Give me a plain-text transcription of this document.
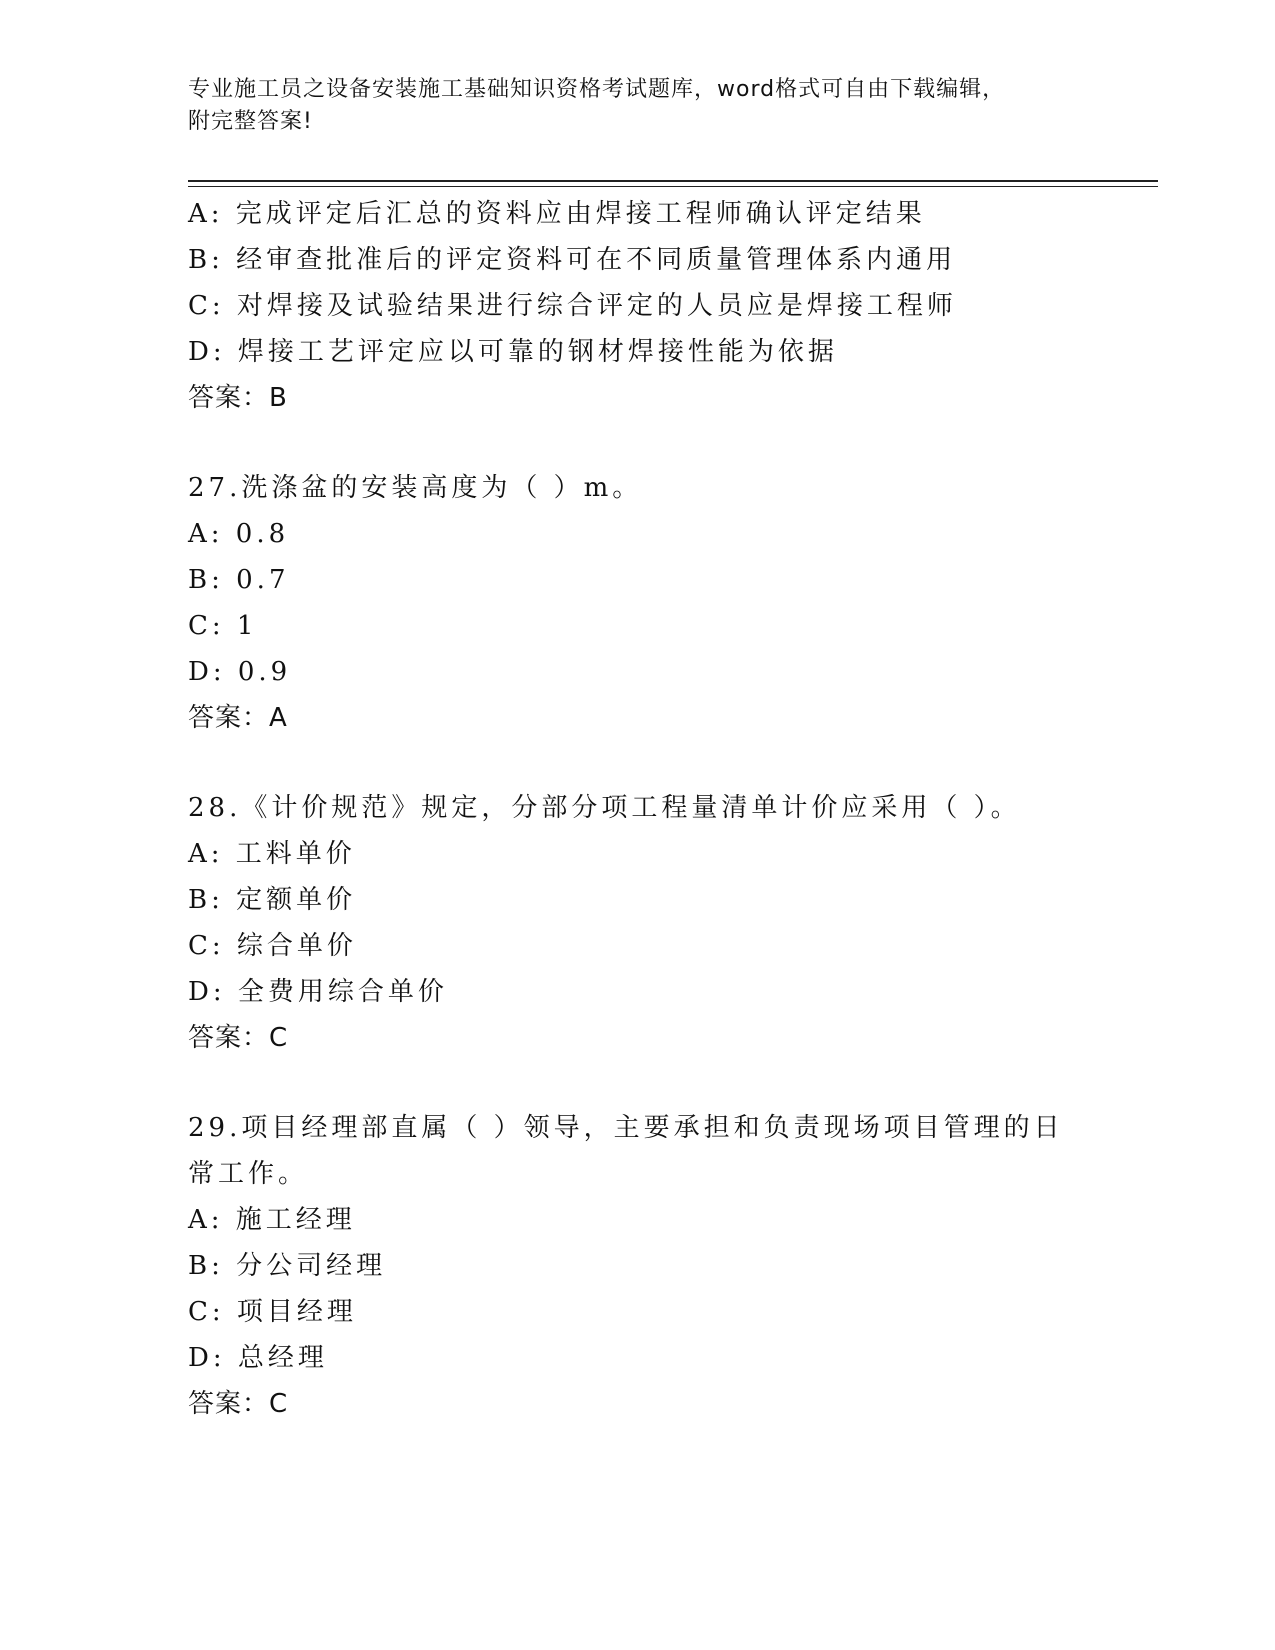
专业施工员之设备安装施工基础知识资格考试题库，word格式可自由下载编辑，
附完整答案!
A: 完成评定后汇总的资料应由焊接工程师确认评定结果
B: 经审查批准后的评定资料可在不同质量管理体系内通用
C: 对焊接及试验结果进行综合评定的人员应是焊接工程师
D: 焊接工艺评定应以可靠的钢材焊接性能为依据
答案：B
27.洗涤盆的安装高度为（ ）m。
A: 0.8
B: 0.7
C: 1
D: 0.9
答案：A
28.《计价规范》规定，分部分项工程量清单计价应采用（ ）。
A: 工料单价
B: 定额单价
C: 综合单价
D: 全费用综合单价
答案：C
29.项目经理部直属（ ）领导，主要承担和负责现场项目管理的日常工作。
A: 施工经理
B: 分公司经理
C: 项目经理
D: 总经理
答案：C
